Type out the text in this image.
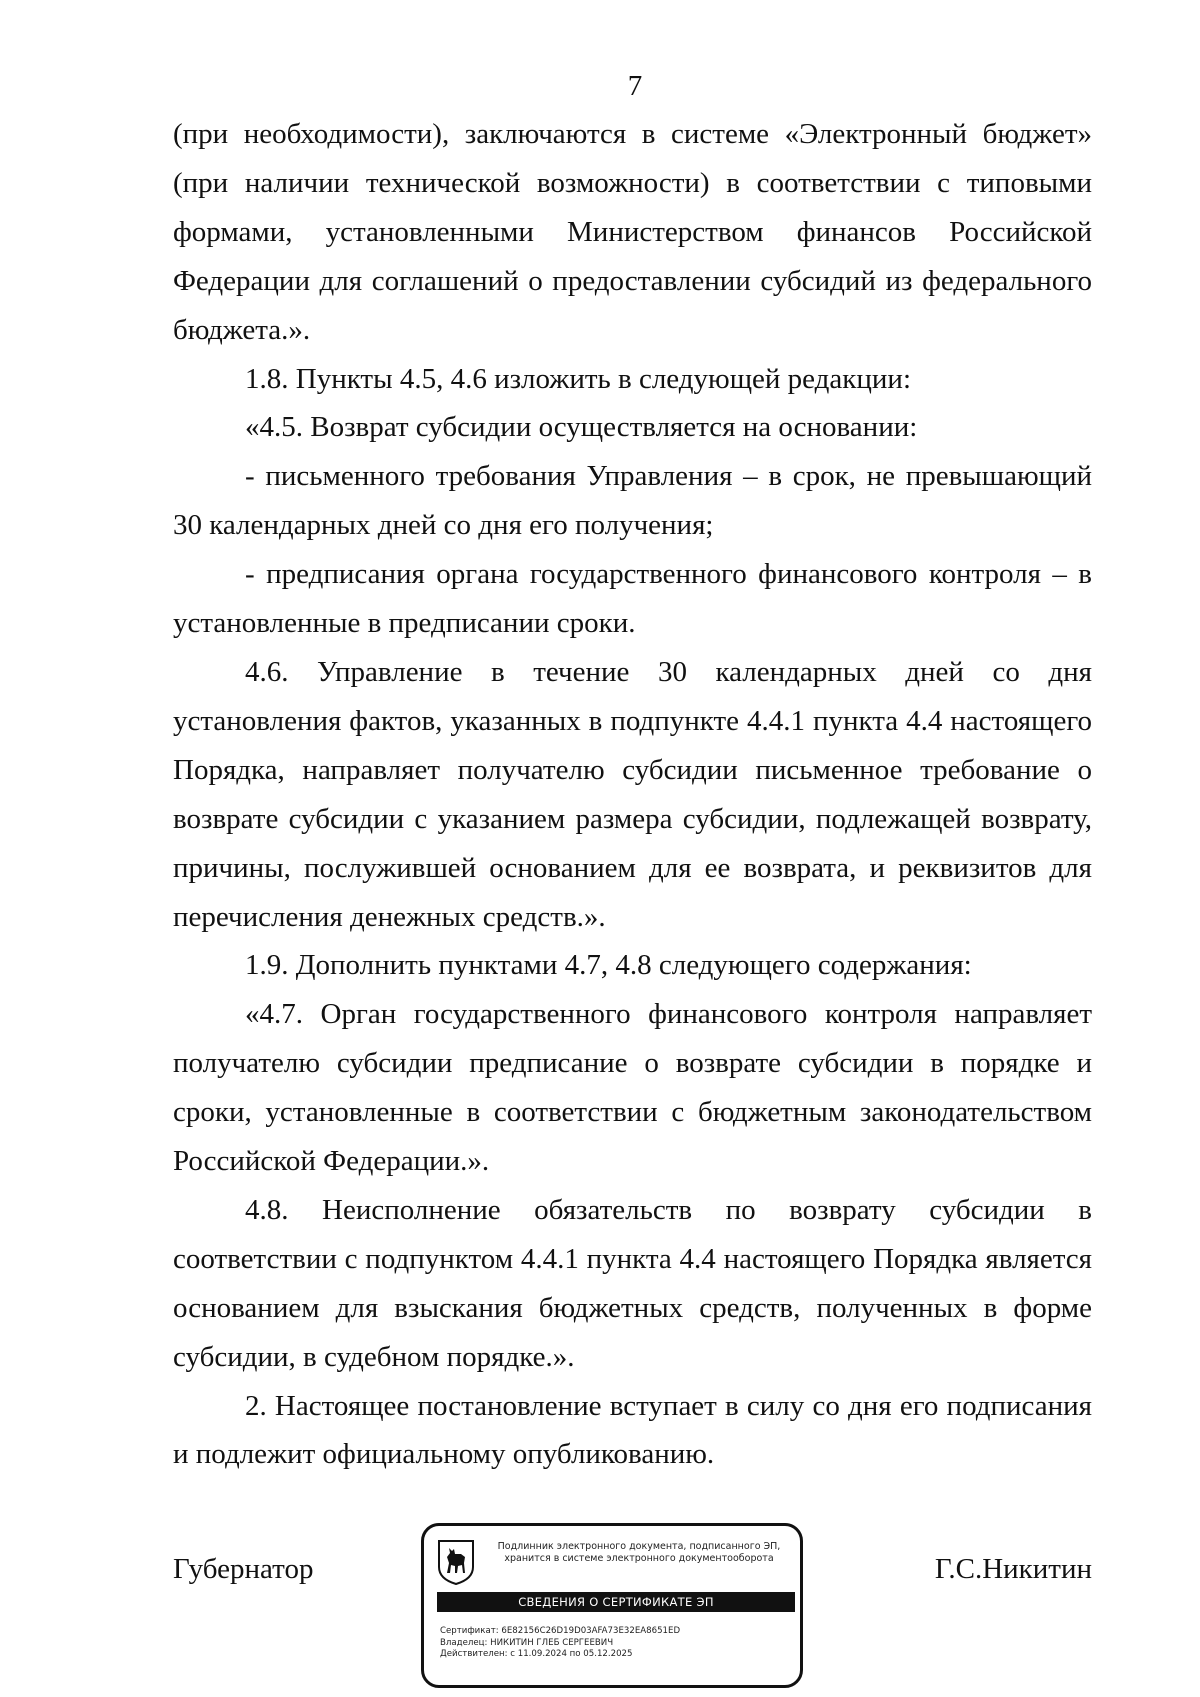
7

(при необходимости), заключаются в системе «Электронный бюджет» (при наличии технической возможности) в соответствии с типовыми формами, установленными Министерством финансов Российской Федерации для соглашений о предоставлении субсидий из федерального бюджета.».

1.8. Пункты 4.5, 4.6 изложить в следующей редакции:

«4.5. Возврат субсидии осуществляется на основании:

- письменного требования Управления – в срок, не превышающий 30 календарных дней со дня его получения;

- предписания органа государственного финансового контроля – в установленные в предписании сроки.

4.6. Управление в течение 30 календарных дней со дня установления фактов, указанных в подпункте 4.4.1 пункта 4.4 настоящего Порядка, направляет получателю субсидии письменное требование о возврате субсидии с указанием размера субсидии, подлежащей возврату, причины, послужившей основанием для ее возврата, и реквизитов для перечисления денежных средств.».

1.9. Дополнить пунктами 4.7, 4.8 следующего содержания:

«4.7. Орган государственного финансового контроля направляет получателю субсидии предписание о возврате субсидии в порядке и сроки, установленные в соответствии с бюджетным законодательством Российской Федерации.».

4.8. Неисполнение обязательств по возврату субсидии в соответствии с подпунктом 4.4.1 пункта 4.4 настоящего Порядка является основанием для взыскания бюджетных средств, полученных в форме субсидии, в судебном порядке.».

2. Настоящее постановление вступает в силу со дня его подписания и подлежит официальному опубликованию.

Губернатор	Г.С.Никитин
Подлинник электронного документа, подписанного ЭП,
хранится в системе электронного документооборота
СВЕДЕНИЯ О СЕРТИФИКАТЕ ЭП
Сертификат: 6E82156C26D19D03AFA73E32EA8651ED
Владелец: НИКИТИН ГЛЕБ СЕРГЕЕВИЧ
Действителен: с 11.09.2024 по 05.12.2025
